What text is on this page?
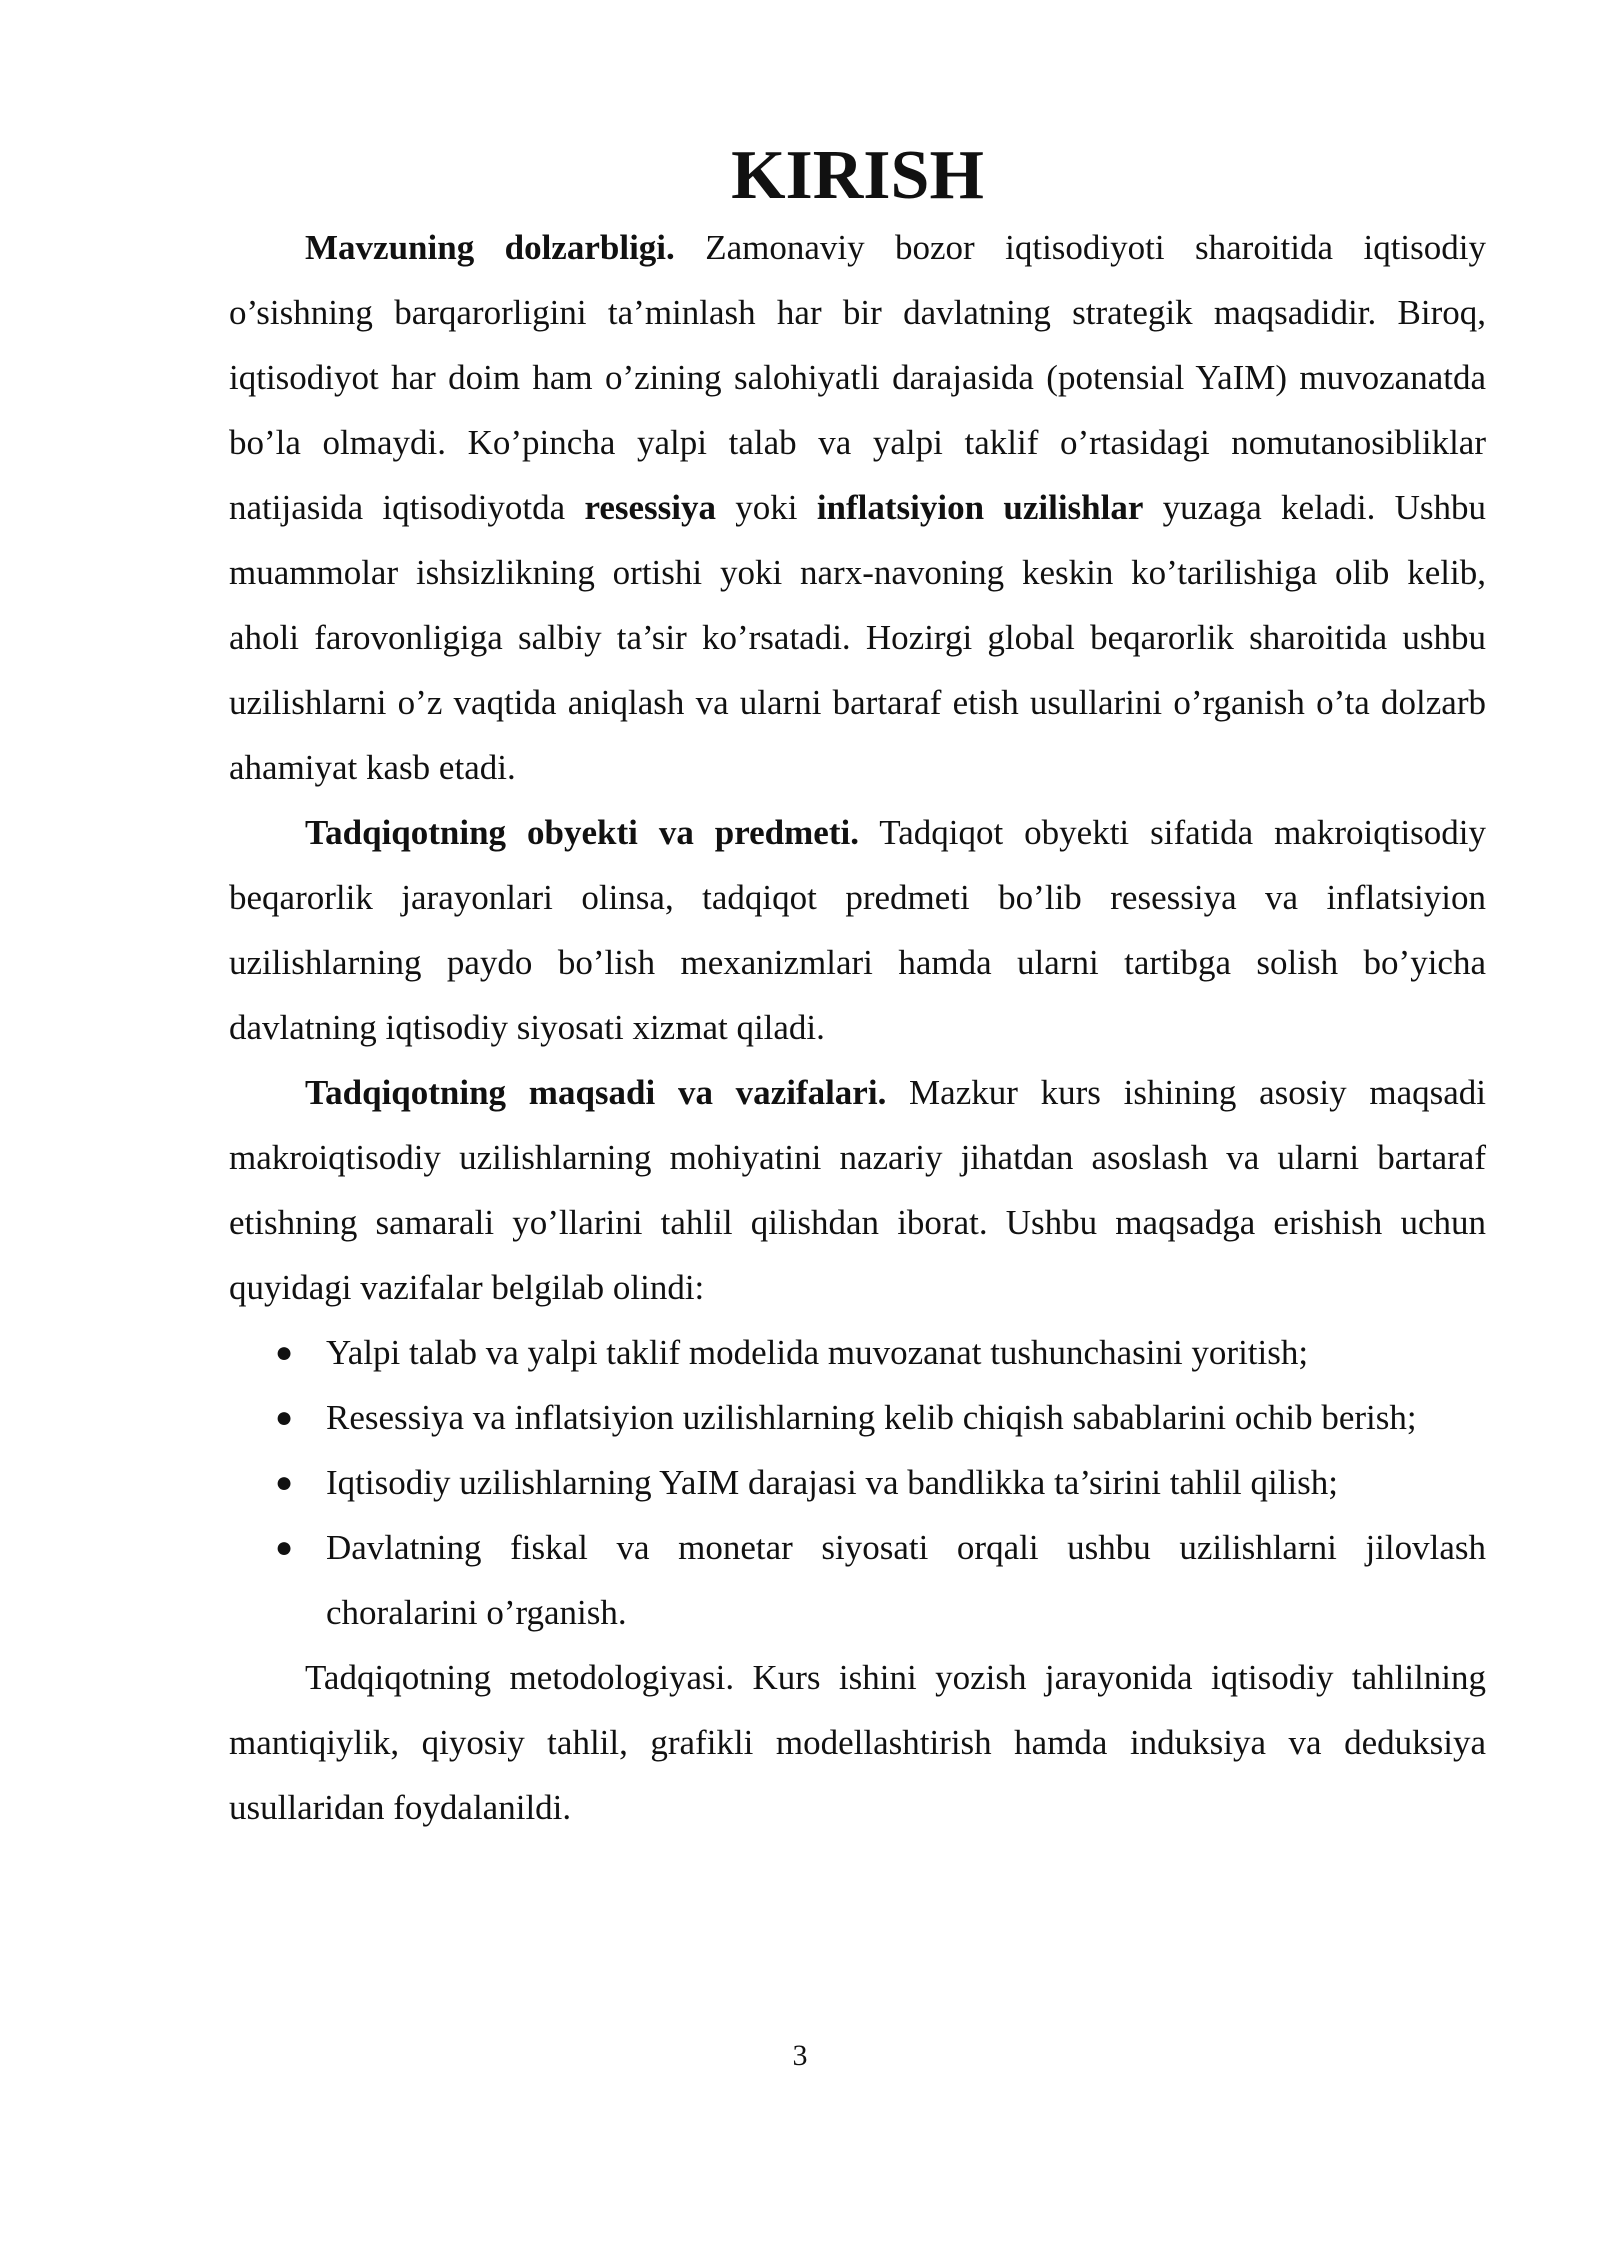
KIRISH

Mavzuning dolzarbligi. Zamonaviy bozor iqtisodiyoti sharoitida iqtisodiy o’sishning barqarorligini ta’minlash har bir davlatning strategik maqsadidir. Biroq, iqtisodiyot har doim ham o’zining salohiyatli darajasida (potensial YaIM) muvozanatda bo’la olmaydi. Ko’pincha yalpi talab va yalpi taklif o’rtasidagi nomutanosibliklar natijasida iqtisodiyotda resessiya yoki inflatsiyion uzilishlar yuzaga keladi. Ushbu muammolar ishsizlikning ortishi yoki narx-navoning keskin ko’tarilishiga olib kelib, aholi farovonligiga salbiy ta’sir ko’rsatadi. Hozirgi global beqarorlik sharoitida ushbu uzilishlarni o’z vaqtida aniqlash va ularni bartaraf etish usullarini o’rganish o’ta dolzarb ahamiyat kasb etadi.

Tadqiqotning obyekti va predmeti. Tadqiqot obyekti sifatida makroiqtisodiy beqarorlik jarayonlari olinsa, tadqiqot predmeti bo’lib resessiya va inflatsiyion uzilishlarning paydo bo’lish mexanizmlari hamda ularni tartibga solish bo’yicha davlatning iqtisodiy siyosati xizmat qiladi.

Tadqiqotning maqsadi va vazifalari. Mazkur kurs ishining asosiy maqsadi makroiqtisodiy uzilishlarning mohiyatini nazariy jihatdan asoslash va ularni bartaraf etishning samarali yo’llarini tahlil qilishdan iborat. Ushbu maqsadga erishish uchun quyidagi vazifalar belgilab olindi:

● Yalpi talab va yalpi taklif modelida muvozanat tushunchasini yoritish;
● Resessiya va inflatsiyion uzilishlarning kelib chiqish sabablarini ochib berish;
● Iqtisodiy uzilishlarning YaIM darajasi va bandlikka ta’sirini tahlil qilish;
● Davlatning fiskal va monetar siyosati orqali ushbu uzilishlarni jilovlash choralarini o’rganish.

Tadqiqotning metodologiyasi. Kurs ishini yozish jarayonida iqtisodiy tahlilning mantiqiylik, qiyosiy tahlil, grafikli modellashtirish hamda induksiya va deduksiya usullaridan foydalanildi.

3
